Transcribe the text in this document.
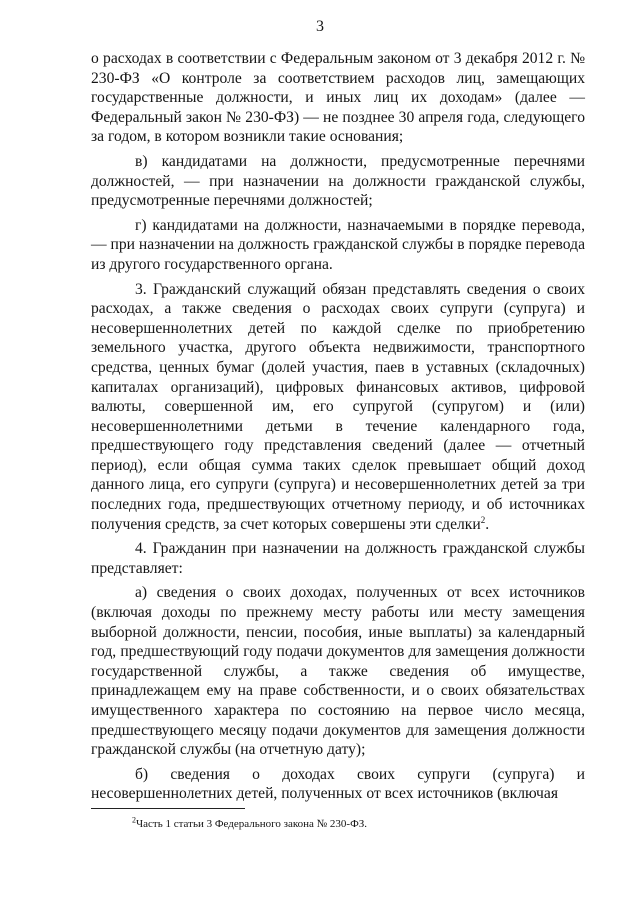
3

о расходах в соответствии с Федеральным законом от 3 декабря 2012 г. № 230-ФЗ «О контроле за соответствием расходов лиц, замещающих государственные должности, и иных лиц их доходам» (далее — Федеральный закон № 230-ФЗ) — не позднее 30 апреля года, следующего за годом, в котором возникли такие основания;

в) кандидатами на должности, предусмотренные перечнями должностей, — при назначении на должности гражданской службы, предусмотренные перечнями должностей;

г) кандидатами на должности, назначаемыми в порядке перевода, — при назначении на должность гражданской службы в порядке перевода из другого государственного органа.

3. Гражданский служащий обязан представлять сведения о своих расходах, а также сведения о расходах своих супруги (супруга) и несовершеннолетних детей по каждой сделке по приобретению земельного участка, другого объекта недвижимости, транспортного средства, ценных бумаг (долей участия, паев в уставных (складочных) капиталах организаций), цифровых финансовых активов, цифровой валюты, совершенной им, его супругой (супругом) и (или) несовершеннолетними детьми в течение календарного года, предшествующего году представления сведений (далее — отчетный период), если общая сумма таких сделок превышает общий доход данного лица, его супруги (супруга) и несовершеннолетних детей за три последних года, предшествующих отчетному периоду, и об источниках получения средств, за счет которых совершены эти сделки$^2$.

4. Гражданин при назначении на должность гражданской службы представляет:

а) сведения о своих доходах, полученных от всех источников (включая доходы по прежнему месту работы или месту замещения выборной должности, пенсии, пособия, иные выплаты) за календарный год, предшествующий году подачи документов для замещения должности государственной службы, а также сведения об имуществе, принадлежащем ему на праве собственности, и о своих обязательствах имущественного характера по состоянию на первое число месяца, предшествующего месяцу подачи документов для замещения должности гражданской службы (на отчетную дату);

б) сведения о доходах своих супруги (супруга) и несовершеннолетних детей, полученных от всех источников (включая

$^2$Часть 1 статьи 3 Федерального закона № 230-ФЗ.
